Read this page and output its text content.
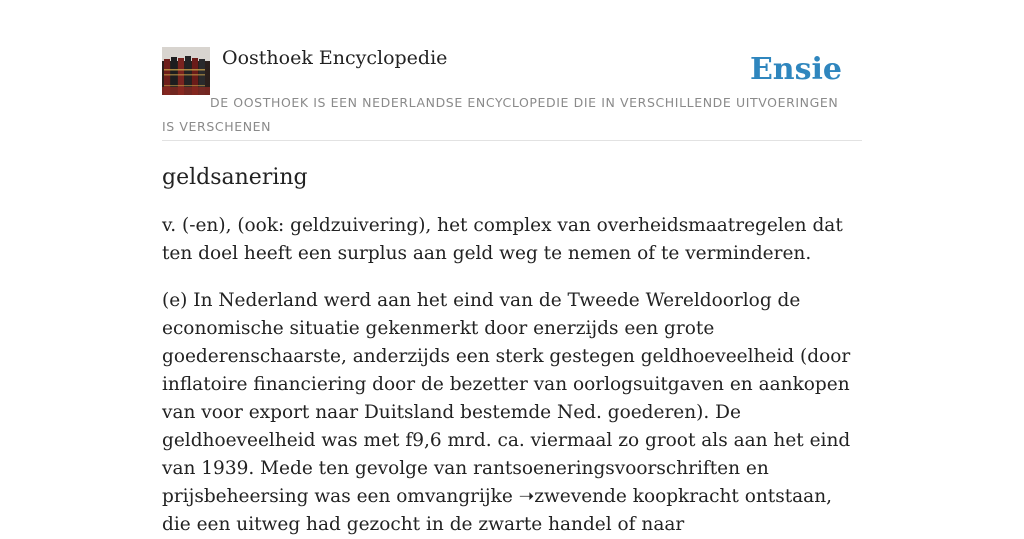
Oosthoek Encyclopedie	Ensie
DE OOSTHOEK IS EEN NEDERLANDSE ENCYCLOPEDIE DIE IN VERSCHILLENDE UITVOERINGEN IS VERSCHENEN
geldsanering

v. (-en), (ook: geldzuivering), het complex van overheidsmaatregelen dat ten doel heeft een surplus aan geld weg te nemen of te verminderen.

(e) In Nederland werd aan het eind van de Tweede Wereldoorlog de economische situatie gekenmerkt door enerzijds een grote goederenschaarste, anderzijds een sterk gestegen geldhoeveelheid (door inflatoire financiering door de bezetter van oorlogsuitgaven en aankopen van voor export naar Duitsland bestemde Ned. goederen). De geldhoeveelheid was met f9,6 mrd. ca. viermaal zo groot als aan het eind van 1939. Mede ten gevolge van rantsoeneringsvoorschriften en prijsbeheersing was een omvangrijke ➝zwevende koopkracht ontstaan, die een uitweg had gezocht in de zwarte handel of naar
